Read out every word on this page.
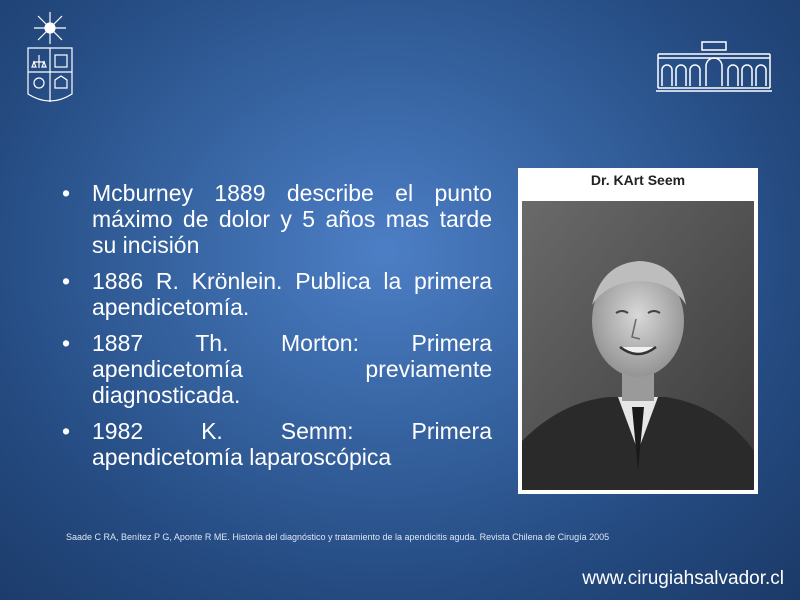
• Mcburney 1889 describe el punto máximo de dolor y 5 años mas tarde su incisión
• 1886 R. Krönlein. Publica la primera apendicetomía.
• 1887 Th. Morton: Primera apendicetomía previamente diagnosticada.
• 1982 K. Semm: Primera apendicetomía laparoscópica
Dr. KArt Seem
Saade C RA, Benítez P G, Aponte R ME. Historia del diagnóstico y tratamiento de la apendicitis aguda. Revista Chilena de Cirugía 2005
www.cirugiahsalvador.cl
